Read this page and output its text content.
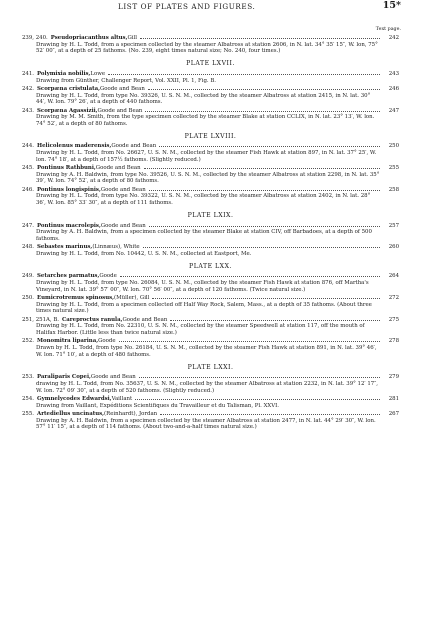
LIST OF PLATES AND FIGURES.	15*
Text page.
239, 240. Pseudopriacanthus altus, Gill	242
Drawing by H. L. Todd, from a specimen collected by the steamer Albatross at station 2606, in N. lat. 34° 35′ 15″, W. lon, 75° 52′ 00″, at a depth of 25 fathoms. (No. 239, eight times natural size; No. 240, four times.)
PLATE LXVII.
241. Polymixia nobilis, Lowe	243
Drawing from Günther, Challenger Report, Vol. XXII, Pl. 1, Fig. B.
242. Scorpæna cristulata, Goode and Bean	246
Drawing by H. L. Todd, from type No. 39326, U. S. N. M., collected by the steamer Albatross at station 2415, in N. lat. 30° 44′, W. lon. 79° 26′, at a depth of 440 fathoms.
243. Scorpæna Agassizii, Goode and Bean	247
Drawing by M. M. Smith, from the type specimen collected by the steamer Blake at station CCLIX, in N. lat. 23° 13′, W. lon. 74° 52′, at a depth of 80 fathoms.
PLATE LXVIII.
244. Helicolenus maderensis, Goode and Bean	250
Drawing by H. L. Todd, from No. 26627, U. S. N. M., collected by the steamer Fish Hawk at station 897, in N. lat. 37° 25′, W. lon. 74° 18′, at a depth of 157½ fathoms. (Slightly reduced.)
245. Pontinus Rathbuni, Goode and Bean	255
Drawing by A. H. Baldwin, from type No. 39526, U. S. N. M., collected by the steamer Albatross at station 2298, in N. lat. 35° 39′, W. lon. 74° 52′, at a depth of 80 fathoms.
246. Pontinus longispinis, Goode and Bean	258
Drawing by H. L. Todd, from type No. 39322, U. S. N. M., collected by the steamer Albatross at station 2402, in N. lat. 28° 36′, W. lon. 85° 33′ 30″, at a depth of 111 fathoms.
PLATE LXIX.
247. Pontinus macrolepis, Goode and Bean	257
Drawing by A. H. Baldwin, from a specimen collected by the steamer Blake at station CIV, off Barbadoes, at a depth of 500 fathoms.
248. Sebastes marinus, (Linnæus), White	260
Drawing by H. L. Todd, from No. 10442, U. S. N. M., collected at Eastport, Me.
PLATE LXX.
249. Setarches parmatus, Goode	264
Drawing by H. L. Todd, from type No. 26084, U. S. N. M., collected by the steamer Fish Hawk at station 876, off Martha's Vineyard, in N. lat. 39° 57′ 00″, W. lon. 70° 56′ 00″, at a depth of 120 fathoms. (Twice natural size.)
250. Eumicrotremus spinosus, (Müller), Gill	272
Drawing by H. L. Todd, from a specimen collected off Half Way Rock, Salem, Mass., at a depth of 35 fathoms. (About three times natural size.)
251, 251A, B. Careproctus ranula, Goode and Bean	275
Drawing by H. L. Todd, from No. 22310, U. S. N. M., collected by the steamer Speedwell at station 117, off the mouth of Halifax Harbor. (Little less than twice natural size.)
252. Monomitra liparina, Goode	278
Drawn by H. L. Todd, from type No. 26184, U. S. N. M., collected by the steamer Fish Hawk at station 891, in N. lat. 39° 46′, W. lon. 71° 10′, at a depth of 480 fathoms.
PLATE LXXI.
253. Paraliparis Copei, Goode and Bean	279
drawing by H. L. Todd, from No. 35637, U. S. N. M., collected by the steamer Albatross at station 2232, in N. lat. 39° 12′ 17″, W. lon. 72° 09′ 30″, at a depth of 520 fathoms. (Slightly reduced.)
254. Gymnelycodes Edwardsi, Vaillant	281
Drawing from Vaillant, Expéditions Scientifiques du Travailleur et du Talisman, Pl. XXVI.
255. Artediellus uncinatus, (Reinhardt), Jordan	267
Drawing by A. H. Baldwin, from a specimen collected by the steamer Albatross at station 2477, in N. lat. 44° 29′ 30″, W. lon. 57° 11′ 15″, at a depth of 114 fathoms. (About two-and-a-half times natural size.)
